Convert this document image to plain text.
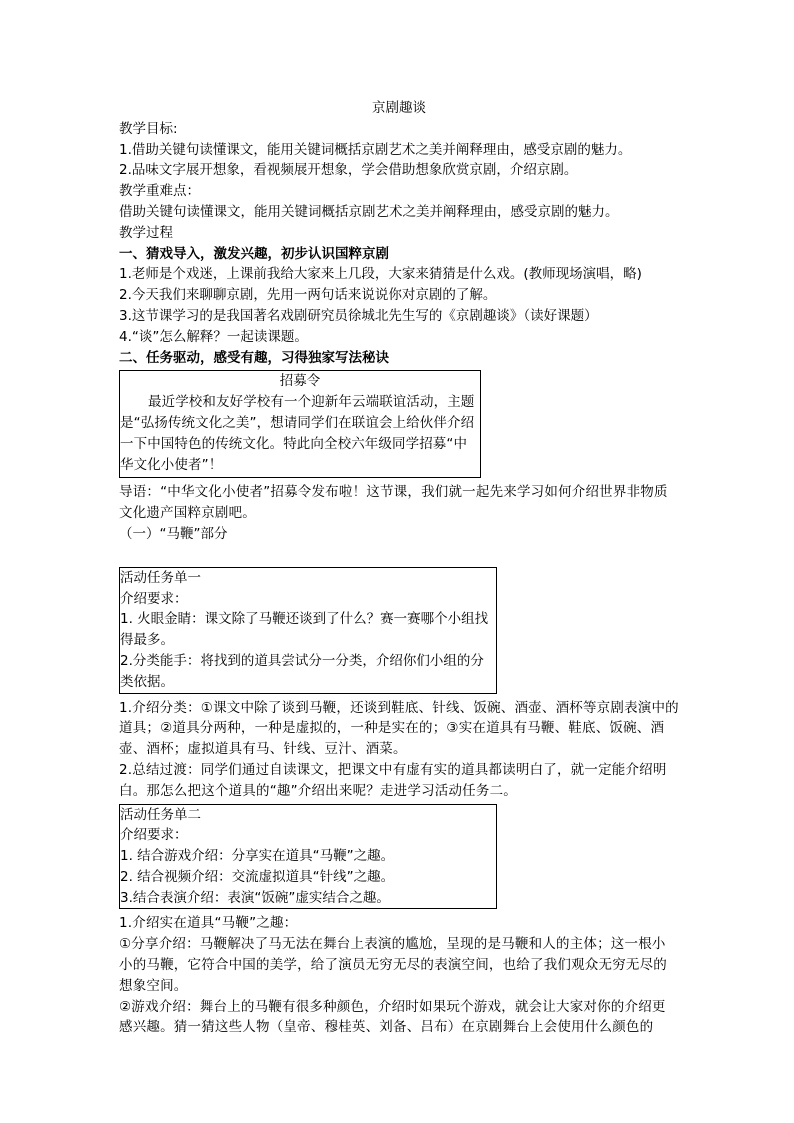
京剧趣谈

教学目标:

1.借助关键句读懂课文，能用关键词概括京剧艺术之美并阐释理由，感受京剧的魅力。

2.品味文字展开想象，看视频展开想象，学会借助想象欣赏京剧，介绍京剧。

教学重难点：

借助关键句读懂课文，能用关键词概括京剧艺术之美并阐释理由，感受京剧的魅力。

教学过程

一、猜戏导入，激发兴趣，初步认识国粹京剧

1.老师是个戏迷，上课前我给大家来上几段，大家来猜猜是什么戏。(教师现场演唱，略)

2.今天我们来聊聊京剧，先用一两句话来说说你对京剧的了解。

3.这节课学习的是我国著名戏剧研究员徐城北先生写的《京剧趣谈》（读好课题）

4.“谈”怎么解释？一起读课题。

二、任务驱动，感受有趣，习得独家写法秘诀

招募令

最近学校和友好学校有一个迎新年云端联谊活动，主题是“弘扬传统文化之美”，想请同学们在联谊会上给伙伴介绍一下中国特色的传统文化。特此向全校六年级同学招募“中华文化小使者”！

导语：“中华文化小使者”招募令发布啦！这节课，我们就一起先来学习如何介绍世界非物质文化遗产国粹京剧吧。

（一）“马鞭”部分

活动任务单一

介绍要求：

1. 火眼金睛：课文除了马鞭还谈到了什么？赛一赛哪个小组找得最多。

2.分类能手：将找到的道具尝试分一分类，介绍你们小组的分类依据。

1.介绍分类：①课文中除了谈到马鞭，还谈到鞋底、针线、饭碗、酒壶、酒杯等京剧表演中的道具；②道具分两种，一种是虚拟的，一种是实在的；③实在道具有马鞭、鞋底、饭碗、酒壶、酒杯；虚拟道具有马、针线、豆汁、酒菜。

2.总结过渡：同学们通过自读课文，把课文中有虚有实的道具都读明白了，就一定能介绍明白。那怎么把这个道具的“趣”介绍出来呢？走进学习活动任务二。

活动任务单二

介绍要求：

1. 结合游戏介绍：分享实在道具“马鞭”之趣。

2. 结合视频介绍：交流虚拟道具“针线”之趣。

3.结合表演介绍：表演“饭碗”虚实结合之趣。

1.介绍实在道具“马鞭”之趣：

①分享介绍：马鞭解决了马无法在舞台上表演的尴尬，呈现的是马鞭和人的主体；这一根小小的马鞭，它符合中国的美学，给了演员无穷无尽的表演空间，也给了我们观众无穷无尽的想象空间。

②游戏介绍：舞台上的马鞭有很多种颜色，介绍时如果玩个游戏，就会让大家对你的介绍更感兴趣。猜一猜这些人物（皇帝、穆桂英、刘备、吕布）在京剧舞台上会使用什么颜色的
